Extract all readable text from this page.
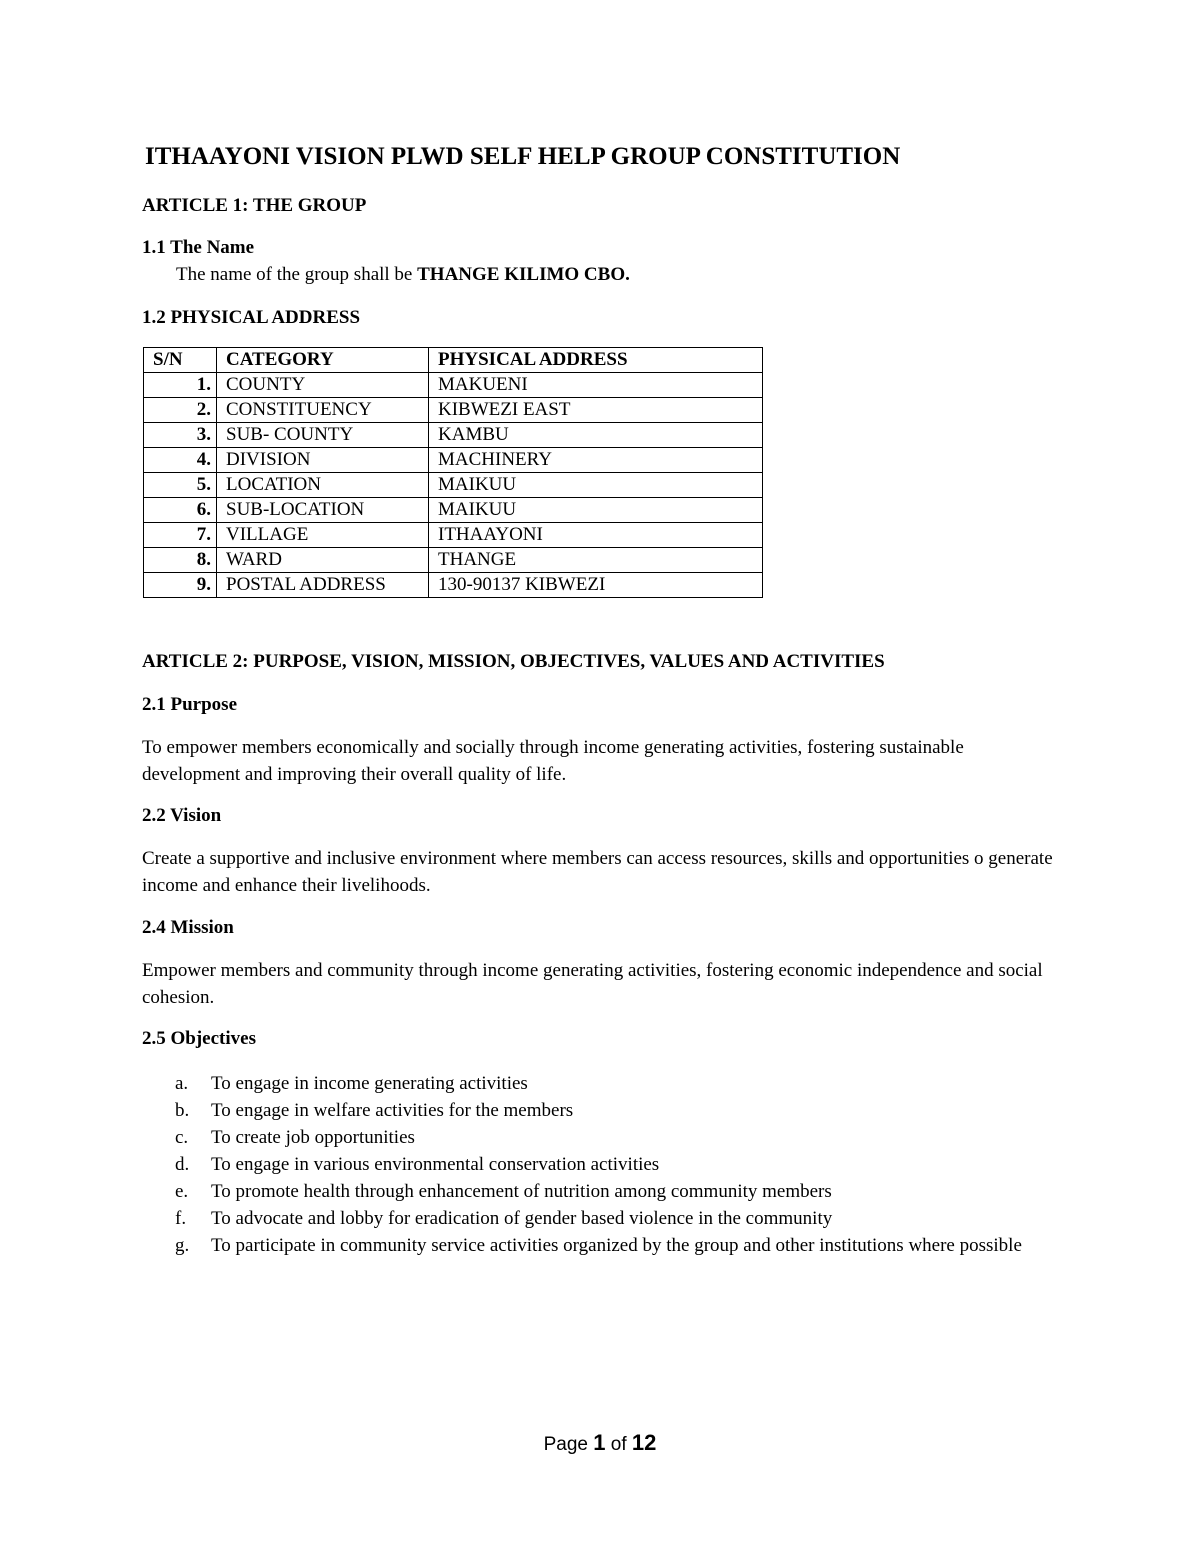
ITHAAYONI VISION PLWD SELF HELP GROUP CONSTITUTION
ARTICLE 1: THE GROUP
1.1 The Name
The name of the group shall be THANGE KILIMO CBO.
1.2 PHYSICAL ADDRESS
S/N	CATEGORY	PHYSICAL ADDRESS
1.	COUNTY	MAKUENI
2.	CONSTITUENCY	KIBWEZI EAST
3.	SUB- COUNTY	KAMBU
4.	DIVISION	MACHINERY
5.	LOCATION	MAIKUU
6.	SUB-LOCATION	MAIKUU
7.	VILLAGE	ITHAAYONI
8.	WARD	THANGE
9.	POSTAL ADDRESS	130-90137 KIBWEZI
ARTICLE 2: PURPOSE, VISION, MISSION, OBJECTIVES, VALUES AND ACTIVITIES
2.1 Purpose
To empower members economically and socially through income generating activities, fostering sustainable development and improving their overall quality of life.
2.2 Vision
Create a supportive and inclusive environment where members can access resources, skills and opportunities o generate income and enhance their livelihoods.
2.4 Mission
Empower members and community through income generating activities, fostering economic independence and social cohesion.
2.5 Objectives
a. To engage in income generating activities
b. To engage in welfare activities for the members
c. To create job opportunities
d. To engage in various environmental conservation activities
e. To promote health through enhancement of nutrition among community members
f. To advocate and lobby for eradication of gender based violence in the community
g. To participate in community service activities organized by the group and other institutions where possible
Page 1 of 12
